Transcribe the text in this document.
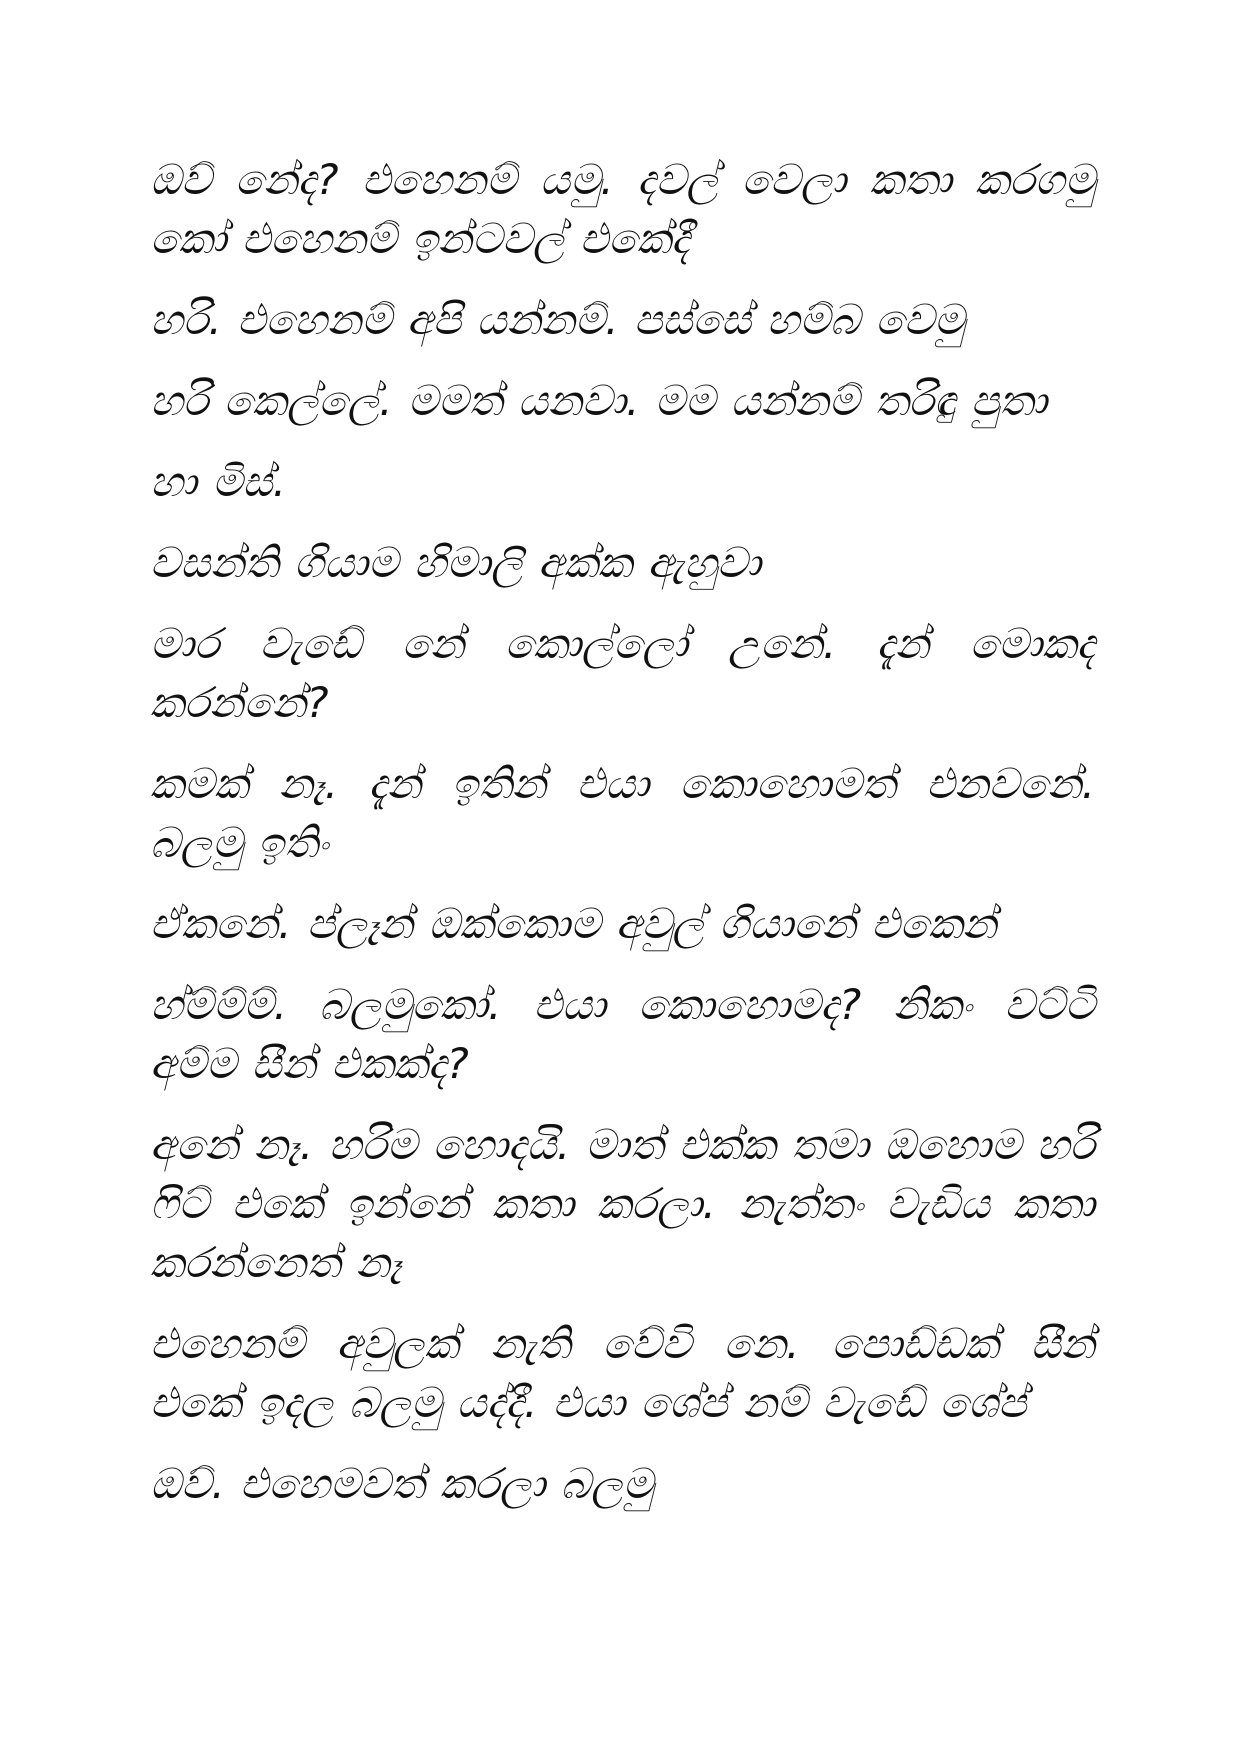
ඔව් නේද? එහෙනම් යමු. දවල් වෙලා කතා කරගමු කෝ එහෙනම් ඉන්ටවල් එකේදී

හරි. එහෙනම් අපි යන්නම්. පස්සේ හම්බ වෙමු

හරි කෙල්ලේ. මමත් යනවා. මම යන්නම් තරිඳු පුතා

හා මිස්.

වසන්ති ගියාම හිමාලි අක්ක ඇහුවා

මාර වැඩේ නේ කොල්ලෝ උනේ. දැන් මොකද කරන්නේ?

කමක් නෑ. දැන් ඉතින් එයා කොහොමත් එනවනේ. බලමු ඉතිං

ඒකනේ. ප්ලෑන් ඔක්කොම අවුල් ගියානේ එකෙන්

හ්ම්ම්ම්. බලමුකෝ. එයා කොහොමද? නිකං වට්ටි අම්ම සීන් එකක්ද?

අනේ නෑ. හරිම හොදයි. මාත් එක්ක තමා ඔහොම හරි ෆිට් එකේ ඉන්නේ කතා කරලා. නැත්තං වැඩිය කතා කරන්නෙත් නෑ

එහෙනම් අවුලක් නැති වේවි නෙ. පොඩ්ඩක් සීන් එකේ ඉදල බලමු යද්දී. එයා ශේප් නම් වැඩේ ශේප්

ඔව්. එහෙමවත් කරලා බලමු
